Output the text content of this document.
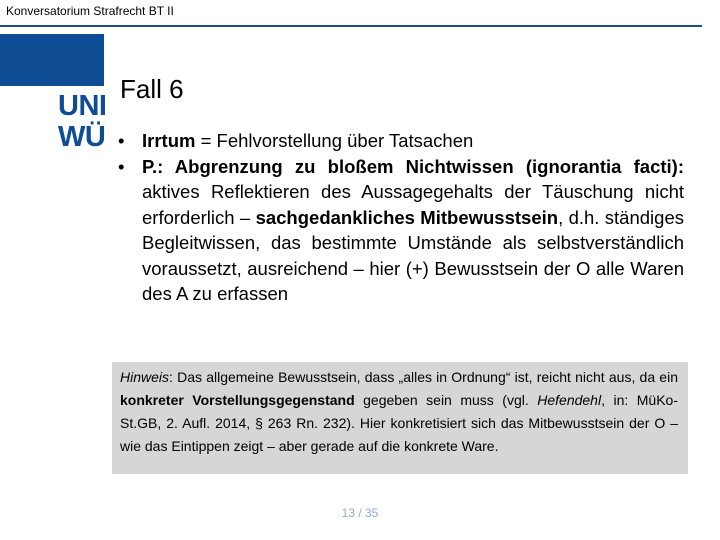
Konversatorium Strafrecht BT II
UNI
WÜ
Fall 6
• Irrtum = Fehlvorstellung über Tatsachen
• P.: Abgrenzung zu bloßem Nichtwissen (ignorantia facti): aktives Reflektieren des Aussagegehalts der Täuschung nicht erforderlich – sachgedankliches Mitbewusstsein, d.h. ständiges Begleitwissen, das bestimmte Umstände als selbstverständlich voraussetzt, ausreichend – hier (+) Bewusstsein der O alle Waren des A zu erfassen
Hinweis: Das allgemeine Bewusstsein, dass „alles in Ordnung“ ist, reicht nicht aus, da ein konkreter Vorstellungsgegenstand gegeben sein muss (vgl. Hefendehl, in: MüKo-St.GB, 2. Aufl. 2014, § 263 Rn. 232). Hier konkretisiert sich das Mitbewusstsein der O – wie das Eintippen zeigt – aber gerade auf die konkrete Ware.
13 / 35
